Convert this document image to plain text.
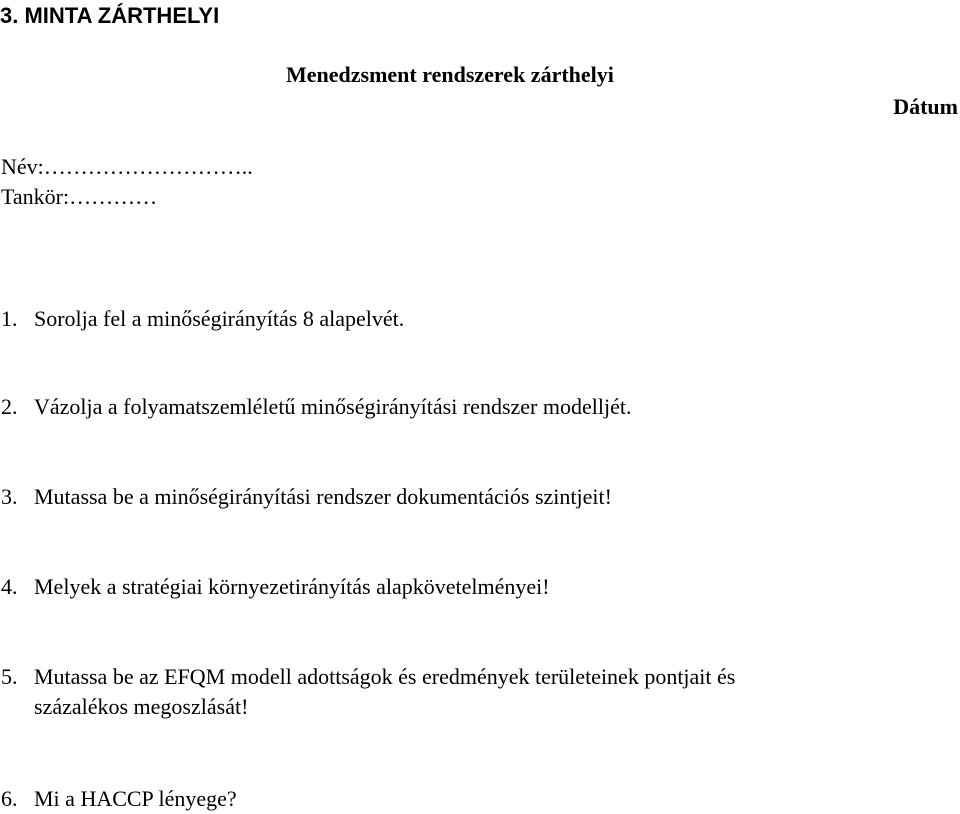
3. MINTA ZÁRTHELYI
Menedzsment rendszerek zárthelyi
Dátum
Név:………………………..
Tankör:…………
1. Sorolja fel a minőségirányítás 8 alapelvét.
2. Vázolja a folyamatszemléletű minőségirányítási rendszer modelljét.
3. Mutassa be a minőségirányítási rendszer dokumentációs szintjeit!
4. Melyek a stratégiai környezetirányítás alapkövetelményei!
5. Mutassa be az EFQM modell adottságok és eredmények területeinek pontjait és
százalékos megoszlását!
6. Mi a HACCP lényege?
